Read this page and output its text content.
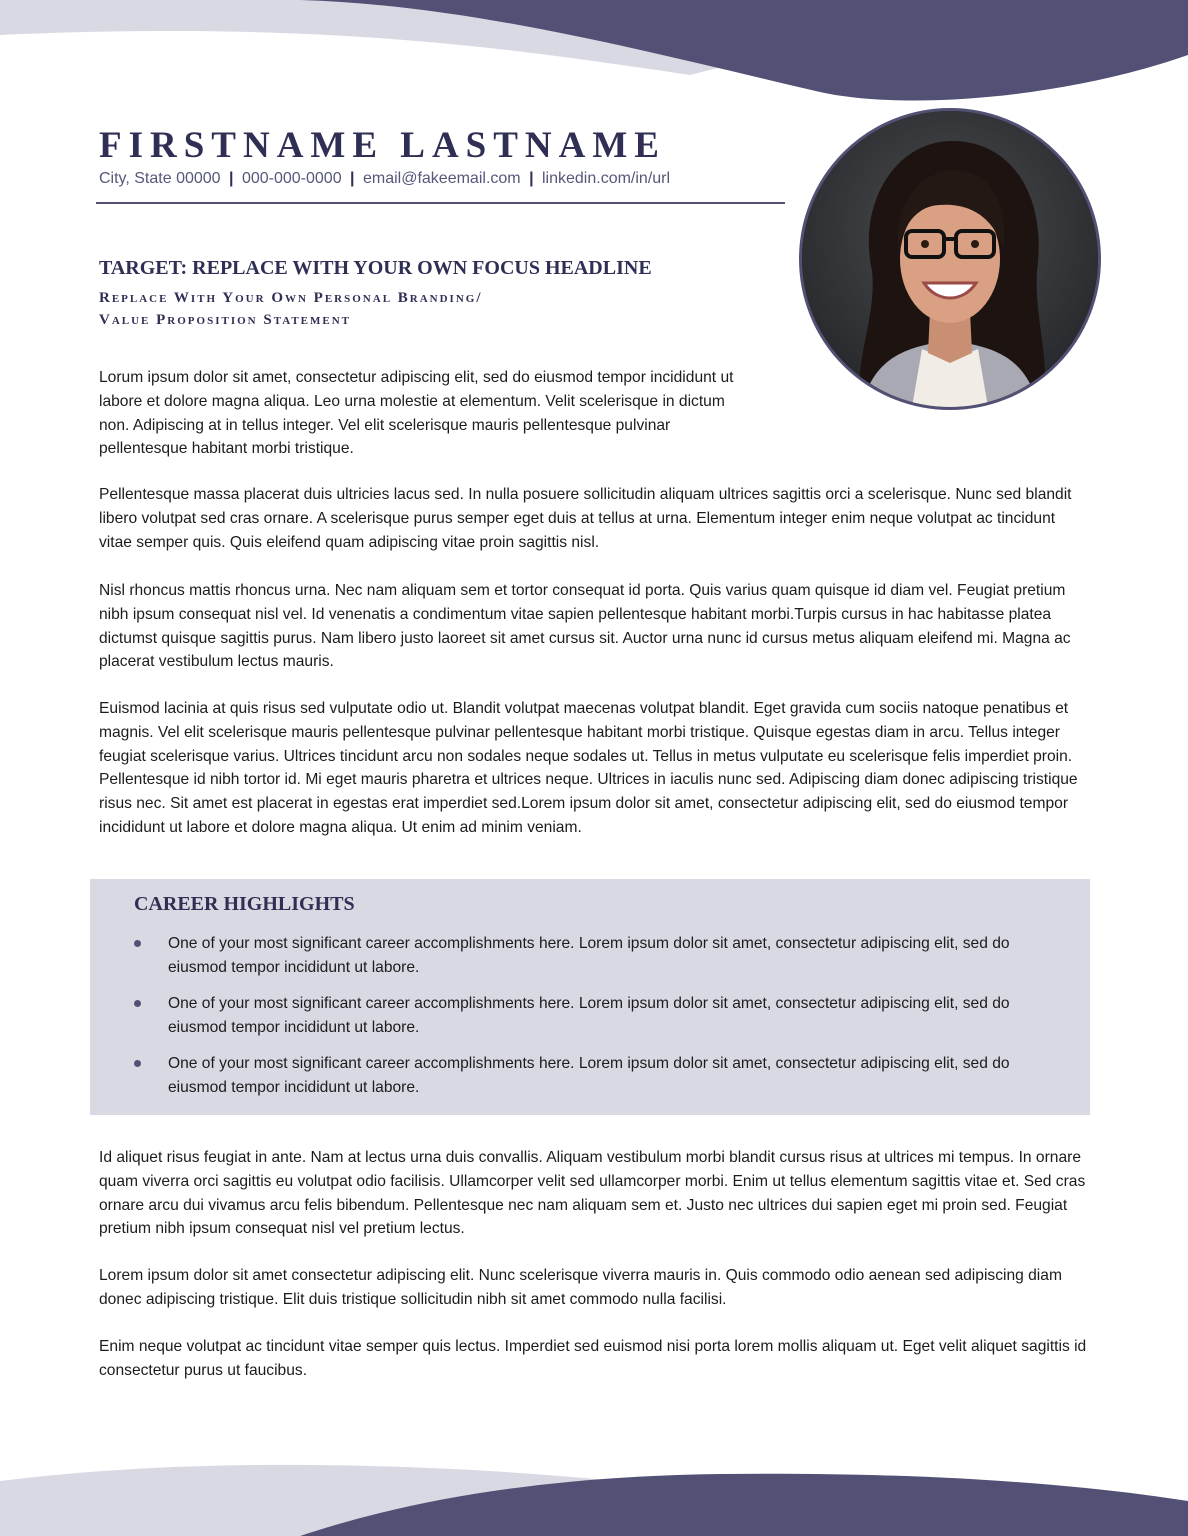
FIRSTNAME LASTNAME
City, State 00000 | 000-000-0000 | email@fakeemail.com | linkedin.com/in/url
TARGET: REPLACE WITH YOUR OWN FOCUS HEADLINE

Replace With Your Own Personal Branding/
Value Proposition Statement

Lorum ipsum dolor sit amet, consectetur adipiscing elit, sed do eiusmod tempor incididunt ut labore et dolore magna aliqua. Leo urna molestie at elementum. Velit scelerisque in dictum non. Adipiscing at in tellus integer. Vel elit scelerisque mauris pellentesque pulvinar pellentesque habitant morbi tristique.

Pellentesque massa placerat duis ultricies lacus sed. In nulla posuere sollicitudin aliquam ultrices sagittis orci a scelerisque. Nunc sed blandit libero volutpat sed cras ornare. A scelerisque purus semper eget duis at tellus at urna. Elementum integer enim neque volutpat ac tincidunt vitae semper quis. Quis eleifend quam adipiscing vitae proin sagittis nisl.

Nisl rhoncus mattis rhoncus urna. Nec nam aliquam sem et tortor consequat id porta. Quis varius quam quisque id diam vel. Feugiat pretium nibh ipsum consequat nisl vel. Id venenatis a condimentum vitae sapien pellentesque habitant morbi.Turpis cursus in hac habitasse platea dictumst quisque sagittis purus. Nam libero justo laoreet sit amet cursus sit. Auctor urna nunc id cursus metus aliquam eleifend mi. Magna ac placerat vestibulum lectus mauris.

Euismod lacinia at quis risus sed vulputate odio ut. Blandit volutpat maecenas volutpat blandit. Eget gravida cum sociis natoque penatibus et magnis. Vel elit scelerisque mauris pellentesque pulvinar pellentesque habitant morbi tristique. Quisque egestas diam in arcu. Tellus integer feugiat scelerisque varius. Ultrices tincidunt arcu non sodales neque sodales ut. Tellus in metus vulputate eu scelerisque felis imperdiet proin. Pellentesque id nibh tortor id. Mi eget mauris pharetra et ultrices neque. Ultrices in iaculis nunc sed. Adipiscing diam donec adipiscing tristique risus nec. Sit amet est placerat in egestas erat imperdiet sed.Lorem ipsum dolor sit amet, consectetur adipiscing elit, sed do eiusmod tempor incididunt ut labore et dolore magna aliqua. Ut enim ad minim veniam.

CAREER HIGHLIGHTS
One of your most significant career accomplishments here. Lorem ipsum dolor sit amet, consectetur adipiscing elit, sed do eiusmod tempor incididunt ut labore.
One of your most significant career accomplishments here. Lorem ipsum dolor sit amet, consectetur adipiscing elit, sed do eiusmod tempor incididunt ut labore.
One of your most significant career accomplishments here. Lorem ipsum dolor sit amet, consectetur adipiscing elit, sed do eiusmod tempor incididunt ut labore.

Id aliquet risus feugiat in ante. Nam at lectus urna duis convallis. Aliquam vestibulum morbi blandit cursus risus at ultrices mi tempus. In ornare quam viverra orci sagittis eu volutpat odio facilisis. Ullamcorper velit sed ullamcorper morbi. Enim ut tellus elementum sagittis vitae et. Sed cras ornare arcu dui vivamus arcu felis bibendum. Pellentesque nec nam aliquam sem et. Justo nec ultrices dui sapien eget mi proin sed. Feugiat pretium nibh ipsum consequat nisl vel pretium lectus.

Lorem ipsum dolor sit amet consectetur adipiscing elit. Nunc scelerisque viverra mauris in. Quis commodo odio aenean sed adipiscing diam donec adipiscing tristique. Elit duis tristique sollicitudin nibh sit amet commodo nulla facilisi.

Enim neque volutpat ac tincidunt vitae semper quis lectus. Imperdiet sed euismod nisi porta lorem mollis aliquam ut. Eget velit aliquet sagittis id consectetur purus ut faucibus.
